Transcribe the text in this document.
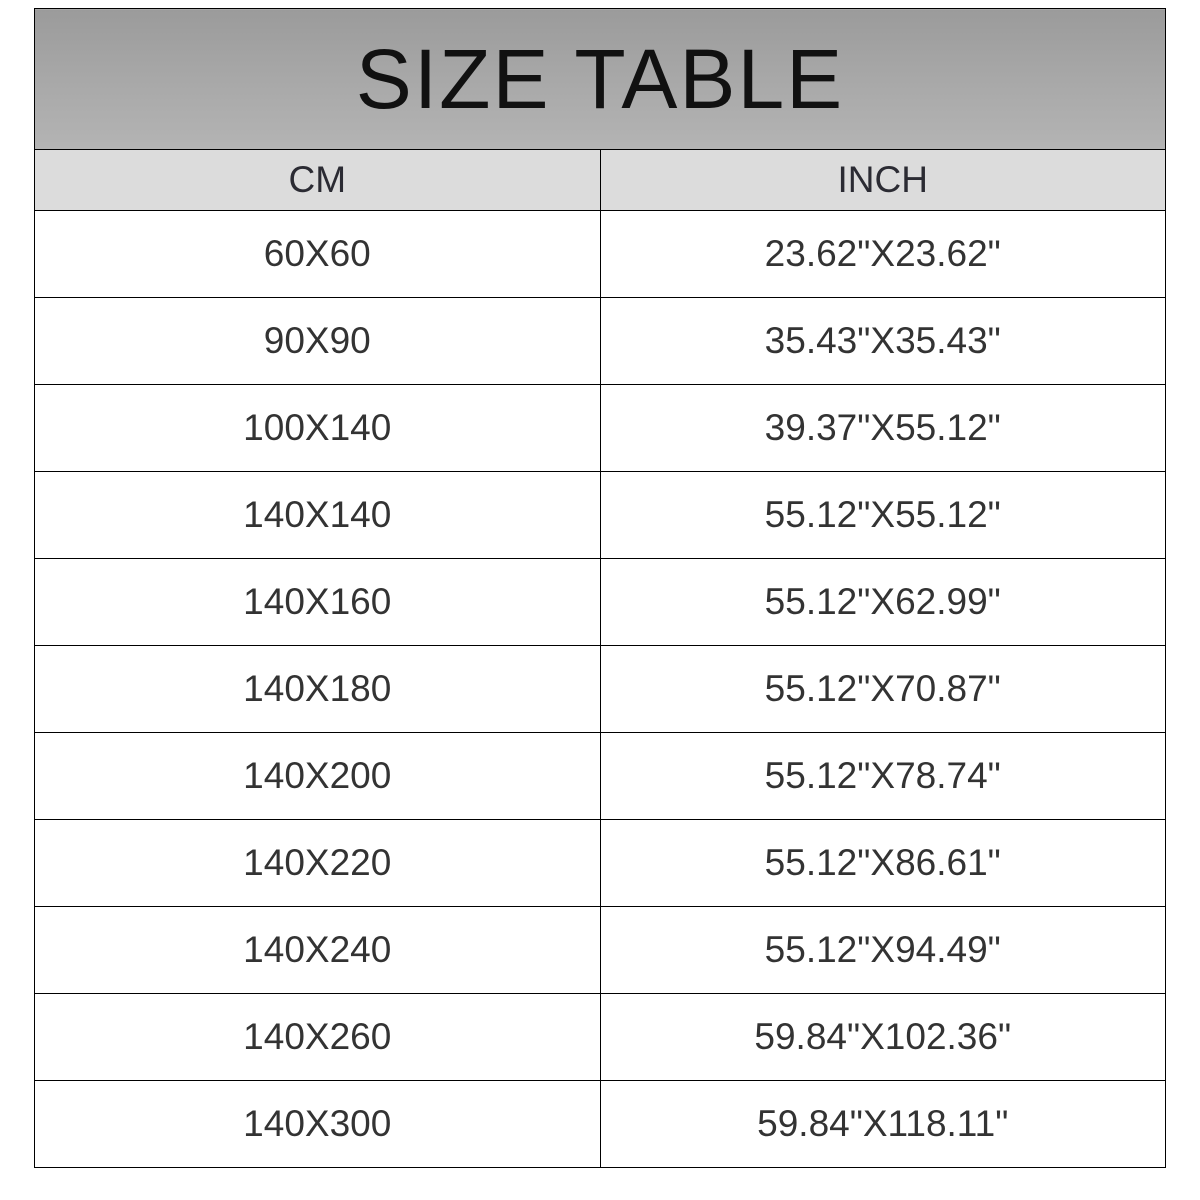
SIZE TABLE	
CM	INCH
60X60	23.62"X23.62"
90X90	35.43"X35.43"
100X140	39.37"X55.12"
140X140	55.12"X55.12"
140X160	55.12"X62.99"
140X180	55.12"X70.87"
140X200	55.12"X78.74"
140X220	55.12"X86.61"
140X240	55.12"X94.49"
140X260	59.84"X102.36"
140X300	59.84"X118.11"
